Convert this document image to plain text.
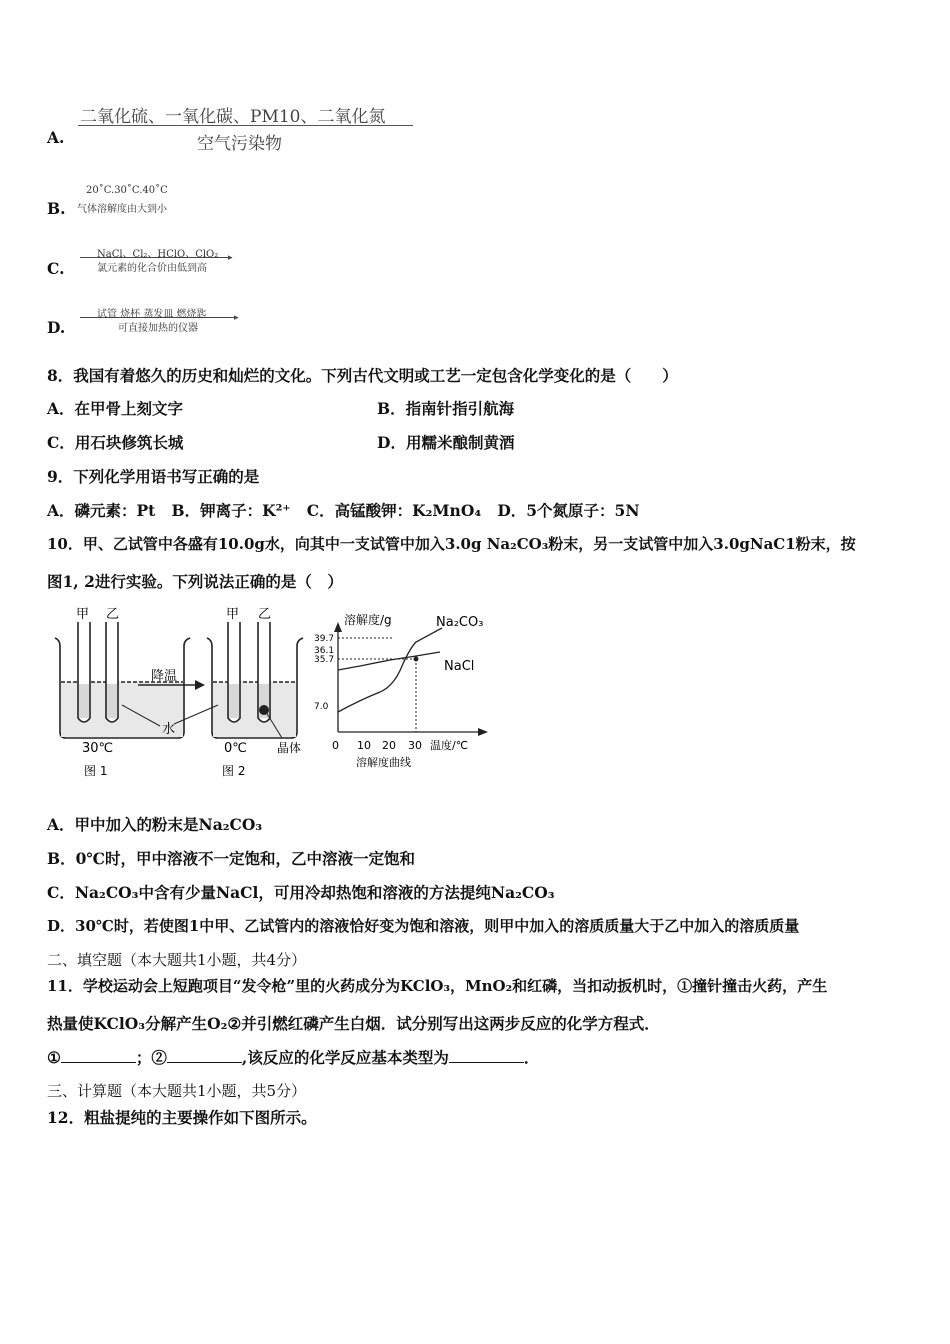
A.
二氧化硫、一氧化碳、PM10、二氧化氮
空气污染物
B.
20˚C.30˚C.40˚C
气体溶解度由大到小
C.
▸
NaCl、Cl₂、HClO、ClO₂
氯元素的化合价由低到高
D.	▸
试管 烧杯 蒸发皿 燃烧匙
可直接加热的仪器
8．我国有着悠久的历史和灿烂的文化。下列古代文明或工艺一定包含化学变化的是（　　）
A．在甲骨上刻文字	B．指南针指引航海
C．用石块修筑长城	D．用糯米酿制黄酒
9．下列化学用语书写正确的是
A．磷元素：Pt B．钾离子：K²⁺ C．高锰酸钾：K₂MnO₄ D．5个氮原子：5N
10．甲、乙试管中各盛有10.0g水，向其中一支试管中加入3.0g Na₂CO₃粉末，另一支试管中加入3.0gNaC1粉末，按
图1, 2进行实验。下列说法正确的是（　）
甲 乙
30℃
图 1
降温
甲 乙
0℃
图 2
晶体
水
溶解度/g
39.7
36.1
35.7
7.0
0 10 20 30
Na₂CO₃
NaCl
温度/℃
溶解度曲线
A．甲中加入的粉末是Na₂CO₃
B．0℃时，甲中溶液不一定饱和，乙中溶液一定饱和
C．Na₂CO₃中含有少量NaCl，可用冷却热饱和溶液的方法提纯Na₂CO₃
D．30℃时，若使图1中甲、乙试管内的溶液恰好变为饱和溶液，则甲中加入的溶质质量大于乙中加入的溶质质量
二、填空题（本大题共1小题，共4分）
11．学校运动会上短跑项目“发令枪”里的火药成分为KClO₃，MnO₂和红磷，当扣动扳机时，①撞针撞击火药，产生
热量使KClO₃分解产生O₂②并引燃红磷产生白烟．试分别写出这两步反应的化学方程式．
①	；②	,该反应的化学反应基本类型为	．
三、计算题（本大题共1小题，共5分）
12．粗盐提纯的主要操作如下图所示。
